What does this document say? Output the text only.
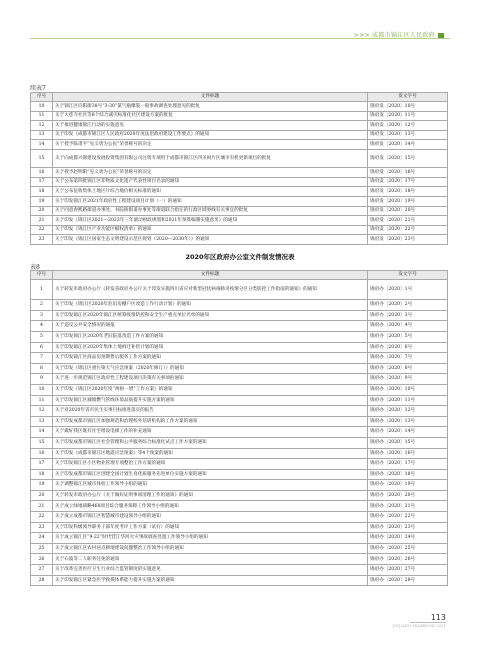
>>> 成都市锦江区人民政府
续表7
序号	文件标题	发文字号
10	关于锦江区向阳街38号“3-30”氯气瓶爆裂一般事故调查处理意见的批复	锦府发〔2020〕10号
11	关于大慈寺社区等8个综合减灾标准化社区建设方案的批复	锦府发〔2020〕11号
12	关于推进健康锦江行动的实施意见	锦府发〔2020〕12号
13	关于印发《成都市锦江区人民政府2020年度法治政府建设工作要点》的通知	锦府发〔2020〕13号
14	关于授予陈甫平“见义勇为公民”荣誉称号的决定	锦府发〔2020〕14号
15	关于向成都兴锦建设发展投资集团有限公司注资专项用于成都市锦江区四圣祠片区城市有机更新项目的批复	锦府发〔2020〕15号
16	关于授予赵明阳“见义勇为公民”荣誉称号的决定	锦府发〔2020〕16号
17	关于公布第四批锦江区非物质文化遗产代表性项目名录的通知	锦府发〔2020〕17号
18	关于公布征收集体土地区片综合地价相关标准的通知	锦府发〔2020〕18号
19	关于印发锦江区2021年政府性工程建设项目计划（一）的通知	锦府发〔2020〕19号
20	关于同意春熙路街道办事处、书院街街道办事处等街道联合指定的行政区域界线有关事宜的批复	锦府发〔2020〕20号
21	关于印发《锦江区2021—2023年三年滚动财政规划和2021年预算编制实施意见》的通知	锦府发〔2020〕21号
22	关于印发《锦江区产业功能区赋权清单》的通知	锦府发〔2020〕22号
23	关于印发《锦江区国家生态文明建设示范区规划（2020—2030年）》的通知	锦府发〔2020〕23号
2020年区政府办公室文件制发情况表
表8
序号	文件标题	发文字号
1	关于转发市政府办公厅《转发省政府办公厅关于印发实施四川省应对新型冠状病毒肺炎疫情分区分类防控工作指南的通知》的通知	锦府办〔2020〕1号
2	关于印发《锦江区2020年危旧房棚户区改造工作行动计划》的通知	锦府办〔2020〕2号
3	关于印发锦江区2020年锦江区统筹疫情防控和安全生产重点单位名单的通知	锦府办〔2020〕3号
4	关于违反公共安全情况的通报	锦府办〔2020〕4号
5	关于印发锦江区2020年老旧院落改造工作方案的通知	锦府办〔2020〕5号
6	关于印发锦江区2020年集体土地拆迁补偿计划的通知	锦府办〔2020〕6号
7	关于印发锦江区商品房预期售后服务工作方案的通知	锦府办〔2020〕7号
8	关于印发《锦江区重污染天气应急预案（2020年修订）》的通知	锦府办〔2020〕8号
9	关于进一步规范锦江区政府性工程建设项目决策有关事项的通知	锦府办〔2020〕9号
10	关于印发《锦江区2020年度“两拆一增”工作方案》的通知	锦府办〔2020〕10号
11	关于印发锦江区城镇燃气管线环境品质提升实施方案的通知	锦府办〔2020〕11号
12	关于对2020年省市民生实事目标推进落实的报告	锦府办〔2020〕12号
13	关于印发成都市锦江区加强规范和治理校外培训机构的工作方案的通知	锦府办〔2020〕13号
14	关于做好我区既有住宅增设电梯工作的补充通知	锦府办〔2020〕14号
15	关于印发成都市锦江区社会管理和公共服务综合标准化试点工作方案的通知	锦府办〔2020〕15号
16	关于印发《成都市锦江区地震应急预案》等4个预案的通知	锦府办〔2020〕16号
17	关于印发锦江区小区物业管理专项整治工作方案的通知	锦府办〔2020〕17号
18	关于印发成都市锦江区创建全国计划生育优质服务先进单位实施方案的通知	锦府办〔2020〕18号
19	关于调整锦江区城市体检工作领导小组的通知	锦府办〔2020〕19号
20	关于转发市政府办公厅《关于做好证明事项清理工作的通知》的通知	锦府办〔2020〕20号
21	关于成立绿地战略468项目综合服务保障工作领导小组的通知	锦府办〔2020〕21号
22	关于成立成都市锦江区智慧城市建设领导小组的通知	锦府办〔2020〕22号
23	关于印发科级领导职务干部年度考评工作方案（试行）的通知	锦府办〔2020〕23号
24	关于成立锦江区“9·22”时代营江华河火灾事故调查处置工作领导小组的通知	锦府办〔2020〕24号
25	关于成立锦江区农村居点耕地建设问题整治工作领导小组的通知	锦府办〔2020〕25号
26	关于石波等二人职务任免的通知	锦府办〔2020〕26号
27	关于改革完善医疗卫生行业综合监管制度的实施意见	锦府办〔2020〕27号
28	关于印发锦江区紧急医学救援体系能力提升实施方案的通知	锦府办〔2020〕28号
113
JINJIANG YEARBOOK 2021
